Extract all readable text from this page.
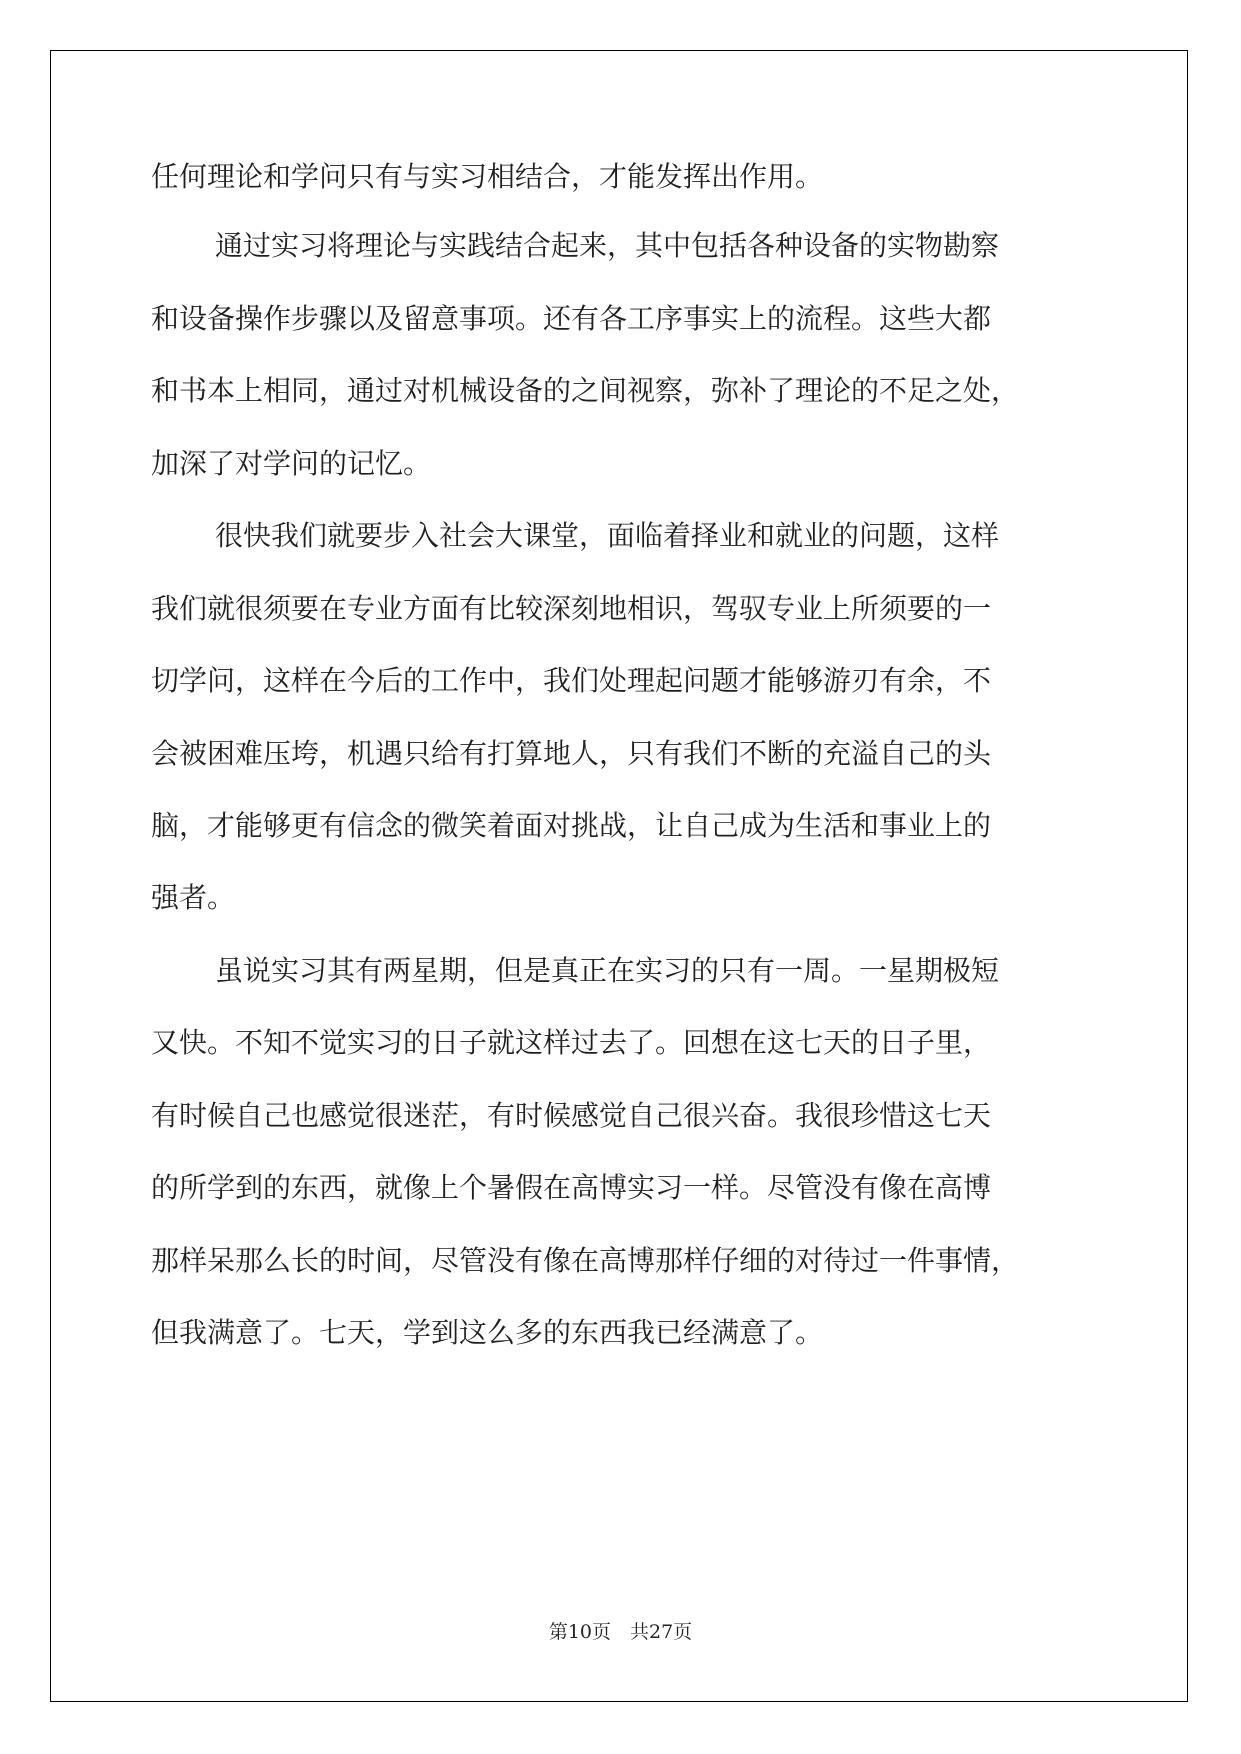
任何理论和学问只有与实习相结合，才能发挥出作用。
通过实习将理论与实践结合起来，其中包括各种设备的实物勘察
和设备操作步骤以及留意事项。还有各工序事实上的流程。这些大都
和书本上相同，通过对机械设备的之间视察，弥补了理论的不足之处，
加深了对学问的记忆。
很快我们就要步入社会大课堂，面临着择业和就业的问题，这样
我们就很须要在专业方面有比较深刻地相识，驾驭专业上所须要的一
切学问，这样在今后的工作中，我们处理起问题才能够游刃有余，不
会被困难压垮，机遇只给有打算地人，只有我们不断的充溢自己的头
脑，才能够更有信念的微笑着面对挑战，让自己成为生活和事业上的
强者。
虽说实习其有两星期，但是真正在实习的只有一周。一星期极短
又快。不知不觉实习的日子就这样过去了。回想在这七天的日子里，
有时候自己也感觉很迷茫，有时候感觉自己很兴奋。我很珍惜这七天
的所学到的东西，就像上个暑假在高博实习一样。尽管没有像在高博
那样呆那么长的时间，尽管没有像在高博那样仔细的对待过一件事情，
但我满意了。七天，学到这么多的东西我已经满意了。
第10页　共27页
